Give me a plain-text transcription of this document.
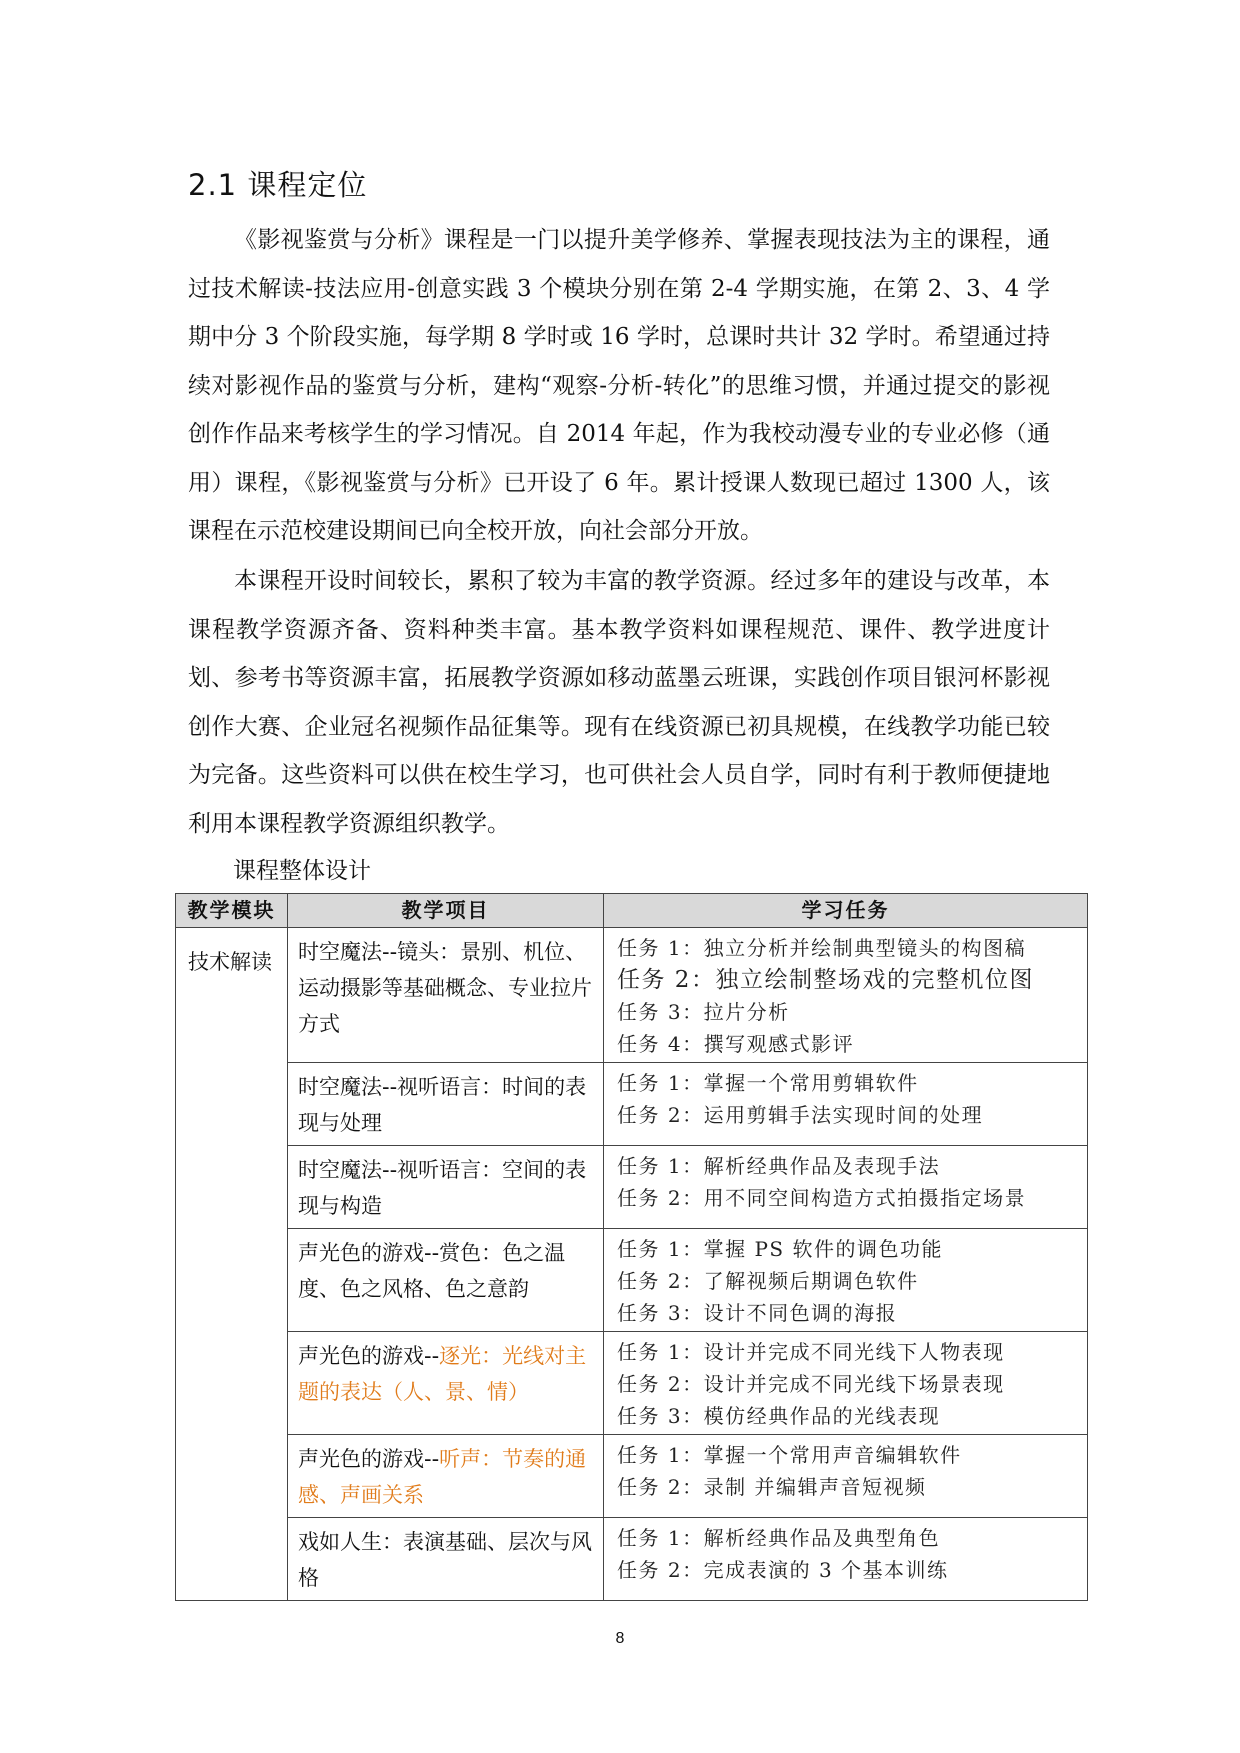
2.1 课程定位

《影视鉴赏与分析》课程是一门以提升美学修养、掌握表现技法为主的课程，通过技术解读-技法应用-创意实践 3 个模块分别在第 2-4 学期实施，在第 2、3、4 学期中分 3 个阶段实施，每学期 8 学时或 16 学时，总课时共计 32 学时。希望通过持续对影视作品的鉴赏与分析，建构“观察-分析-转化”的思维习惯，并通过提交的影视创作作品来考核学生的学习情况。自 2014 年起，作为我校动漫专业的专业必修（通用）课程，《影视鉴赏与分析》已开设了 6 年。累计授课人数现已超过 1300 人，该课程在示范校建设期间已向全校开放，向社会部分开放。

本课程开设时间较长，累积了较为丰富的教学资源。经过多年的建设与改革，本课程教学资源齐备、资料种类丰富。基本教学资料如课程规范、课件、教学进度计划、参考书等资源丰富，拓展教学资源如移动蓝墨云班课，实践创作项目银河杯影视创作大赛、企业冠名视频作品征集等。现有在线资源已初具规模，在线教学功能已较为完备。这些资料可以供在校生学习，也可供社会人员自学，同时有利于教师便捷地利用本课程教学资源组织教学。

课程整体设计

教学模块	教学项目	学习任务
技术解读	时空魔法--镜头：景别、机位、运动摄影等基础概念、专业拉片方式	任务 1：独立分析并绘制典型镜头的构图稿
任务 2：独立绘制整场戏的完整机位图
任务 3：拉片分析
任务 4：撰写观感式影评

	时空魔法--视听语言：时间的表现与处理	任务 1：掌握一个常用剪辑软件
任务 2：运用剪辑手法实现时间的处理

	时空魔法--视听语言：空间的表现与构造	任务 1：解析经典作品及表现手法
任务 2：用不同空间构造方式拍摄指定场景

	声光色的游戏--赏色：色之温度、色之风格、色之意韵	任务 1：掌握 PS 软件的调色功能
任务 2：了解视频后期调色软件
任务 3：设计不同色调的海报

	声光色的游戏--逐光：光线对主题的表达（人、景、情）	任务 1：设计并完成不同光线下人物表现
任务 2：设计并完成不同光线下场景表现
任务 3：模仿经典作品的光线表现

	声光色的游戏--听声：节奏的通感、声画关系	任务 1：掌握一个常用声音编辑软件
任务 2：录制 并编辑声音短视频

	戏如人生：表演基础、层次与风格	任务 1：解析经典作品及典型角色
任务 2：完成表演的 3 个基本训练

8
